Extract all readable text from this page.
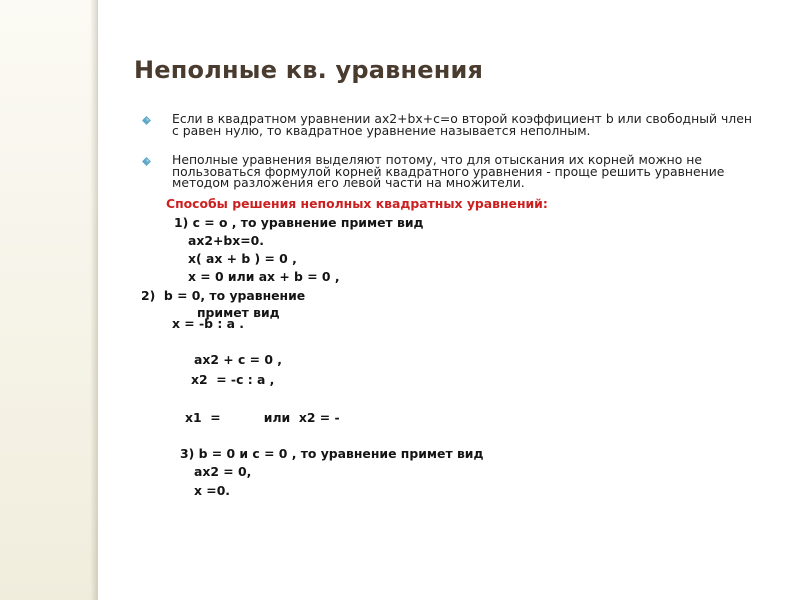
Неполные кв. уравнения
Если в квадратном уравнении ax2+bx+c=o второй коэффициент b или свободный член с равен нулю, то квадратное уравнение называется неполным.
Неполные уравнения выделяют потому, что для отыскания их корней можно не пользоваться формулой корней квадратного уравнения - проще решить уравнение методом разложения его левой части на множители.
Способы решения неполных квадратных уравнений:
1) с = о , то уравнение примет вид
ax2+bx=0.
x( ax + b ) = 0 ,
x = 0 или ax + b = 0 ,
2)  b = 0, то уравнение
примет вид
x = -b : a .
ax2 + c = 0 ,
x2  = -c : a ,
x1  =          или  x2 = -
3) b = 0 и с = 0 , то уравнение примет вид
ax2 = 0,
x =0.
